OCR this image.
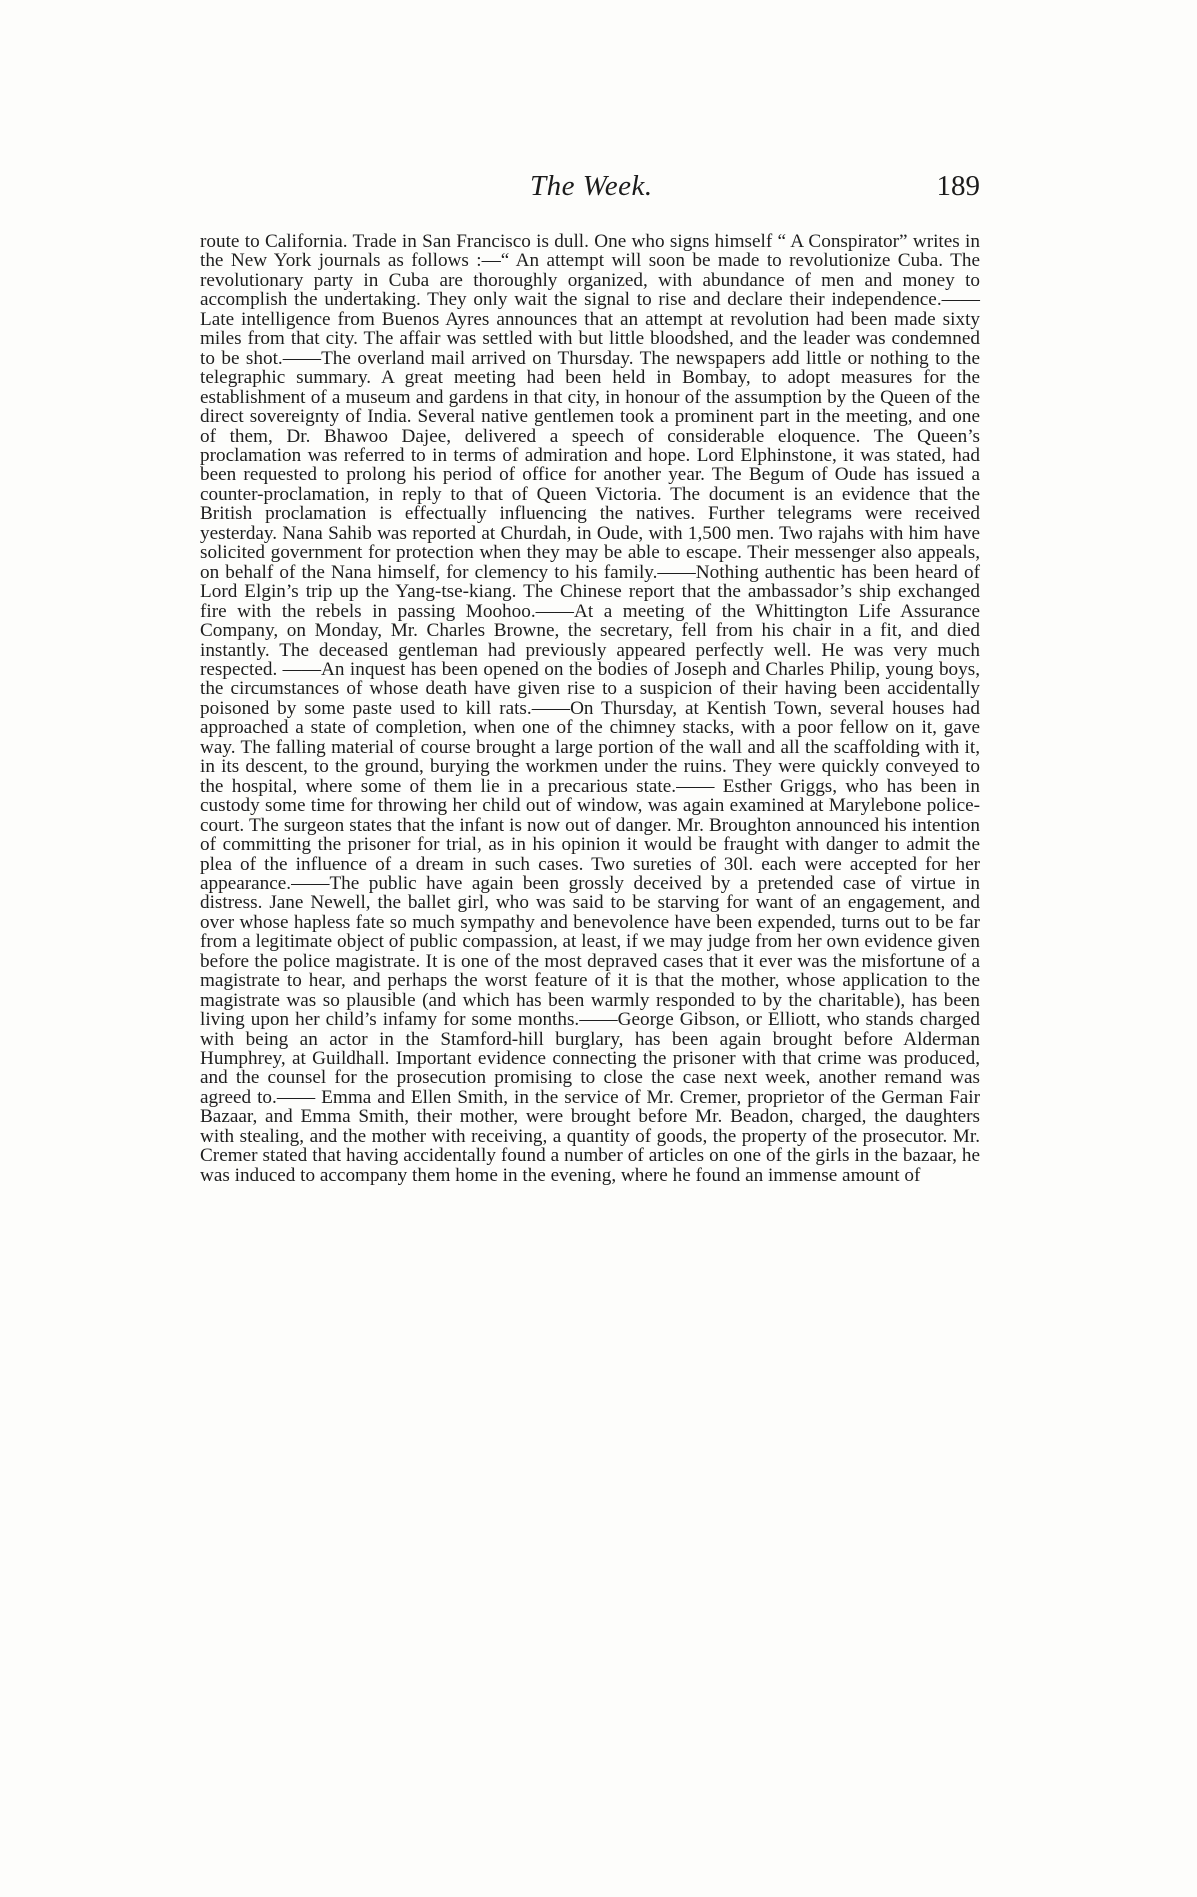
The Week.	189

route to California. Trade in San Francisco is dull. One who signs himself “ A Conspirator” writes in the New York journals as follows :—“ An attempt will soon be made to revolutionize Cuba. The revolutionary party in Cuba are thoroughly organized, with abundance of men and money to accomplish the undertaking. They only wait the signal to rise and declare their independence.—— Late intelligence from Buenos Ayres announces that an attempt at revolution had been made sixty miles from that city. The affair was settled with but little bloodshed, and the leader was condemned to be shot.——The overland mail arrived on Thursday. The newspapers add little or nothing to the telegraphic summary. A great meeting had been held in Bombay, to adopt measures for the establishment of a museum and gardens in that city, in honour of the assumption by the Queen of the direct sovereignty of India. Several native gentlemen took a prominent part in the meeting, and one of them, Dr. Bhawoo Dajee, delivered a speech of considerable eloquence. The Queen’s proclamation was referred to in terms of admiration and hope. Lord Elphinstone, it was stated, had been requested to prolong his period of office for another year. The Begum of Oude has issued a counter-proclamation, in reply to that of Queen Victoria. The document is an evidence that the British proclamation is effectually influencing the natives. Further telegrams were received yesterday. Nana Sahib was reported at Churdah, in Oude, with 1,500 men. Two rajahs with him have solicited government for protection when they may be able to escape. Their messenger also appeals, on behalf of the Nana himself, for clemency to his family.——Nothing authentic has been heard of Lord Elgin’s trip up the Yang-tse-kiang. The Chinese report that the ambassador’s ship exchanged fire with the rebels in passing Moohoo.——At a meeting of the Whittington Life Assurance Company, on Monday, Mr. Charles Browne, the secretary, fell from his chair in a fit, and died instantly. The deceased gentleman had previously appeared perfectly well. He was very much respected. ——An inquest has been opened on the bodies of Joseph and Charles Philip, young boys, the circumstances of whose death have given rise to a suspicion of their having been accidentally poisoned by some paste used to kill rats.——On Thursday, at Kentish Town, several houses had approached a state of completion, when one of the chimney stacks, with a poor fellow on it, gave way. The falling material of course brought a large portion of the wall and all the scaffolding with it, in its descent, to the ground, burying the workmen under the ruins. They were quickly conveyed to the hospital, where some of them lie in a precarious state.—— Esther Griggs, who has been in custody some time for throwing her child out of window, was again examined at Marylebone police-court. The surgeon states that the infant is now out of danger. Mr. Broughton announced his intention of committing the prisoner for trial, as in his opinion it would be fraught with danger to admit the plea of the influence of a dream in such cases. Two sureties of 30l. each were accepted for her appearance.——The public have again been grossly deceived by a pretended case of virtue in distress. Jane Newell, the ballet girl, who was said to be starving for want of an engagement, and over whose hapless fate so much sympathy and benevolence have been expended, turns out to be far from a legitimate object of public compassion, at least, if we may judge from her own evidence given before the police magistrate. It is one of the most depraved cases that it ever was the misfortune of a magistrate to hear, and perhaps the worst feature of it is that the mother, whose application to the magistrate was so plausible (and which has been warmly responded to by the charitable), has been living upon her child’s infamy for some months.——George Gibson, or Elliott, who stands charged with being an actor in the Stamford-hill burglary, has been again brought before Alderman Humphrey, at Guildhall. Important evidence connecting the prisoner with that crime was produced, and the counsel for the prosecution promising to close the case next week, another remand was agreed to.—— Emma and Ellen Smith, in the service of Mr. Cremer, proprietor of the German Fair Bazaar, and Emma Smith, their mother, were brought before Mr. Beadon, charged, the daughters with stealing, and the mother with receiving, a quantity of goods, the property of the prosecutor. Mr. Cremer stated that having accidentally found a number of articles on one of the girls in the bazaar, he was induced to accompany them home in the evening, where he found an immense amount of
